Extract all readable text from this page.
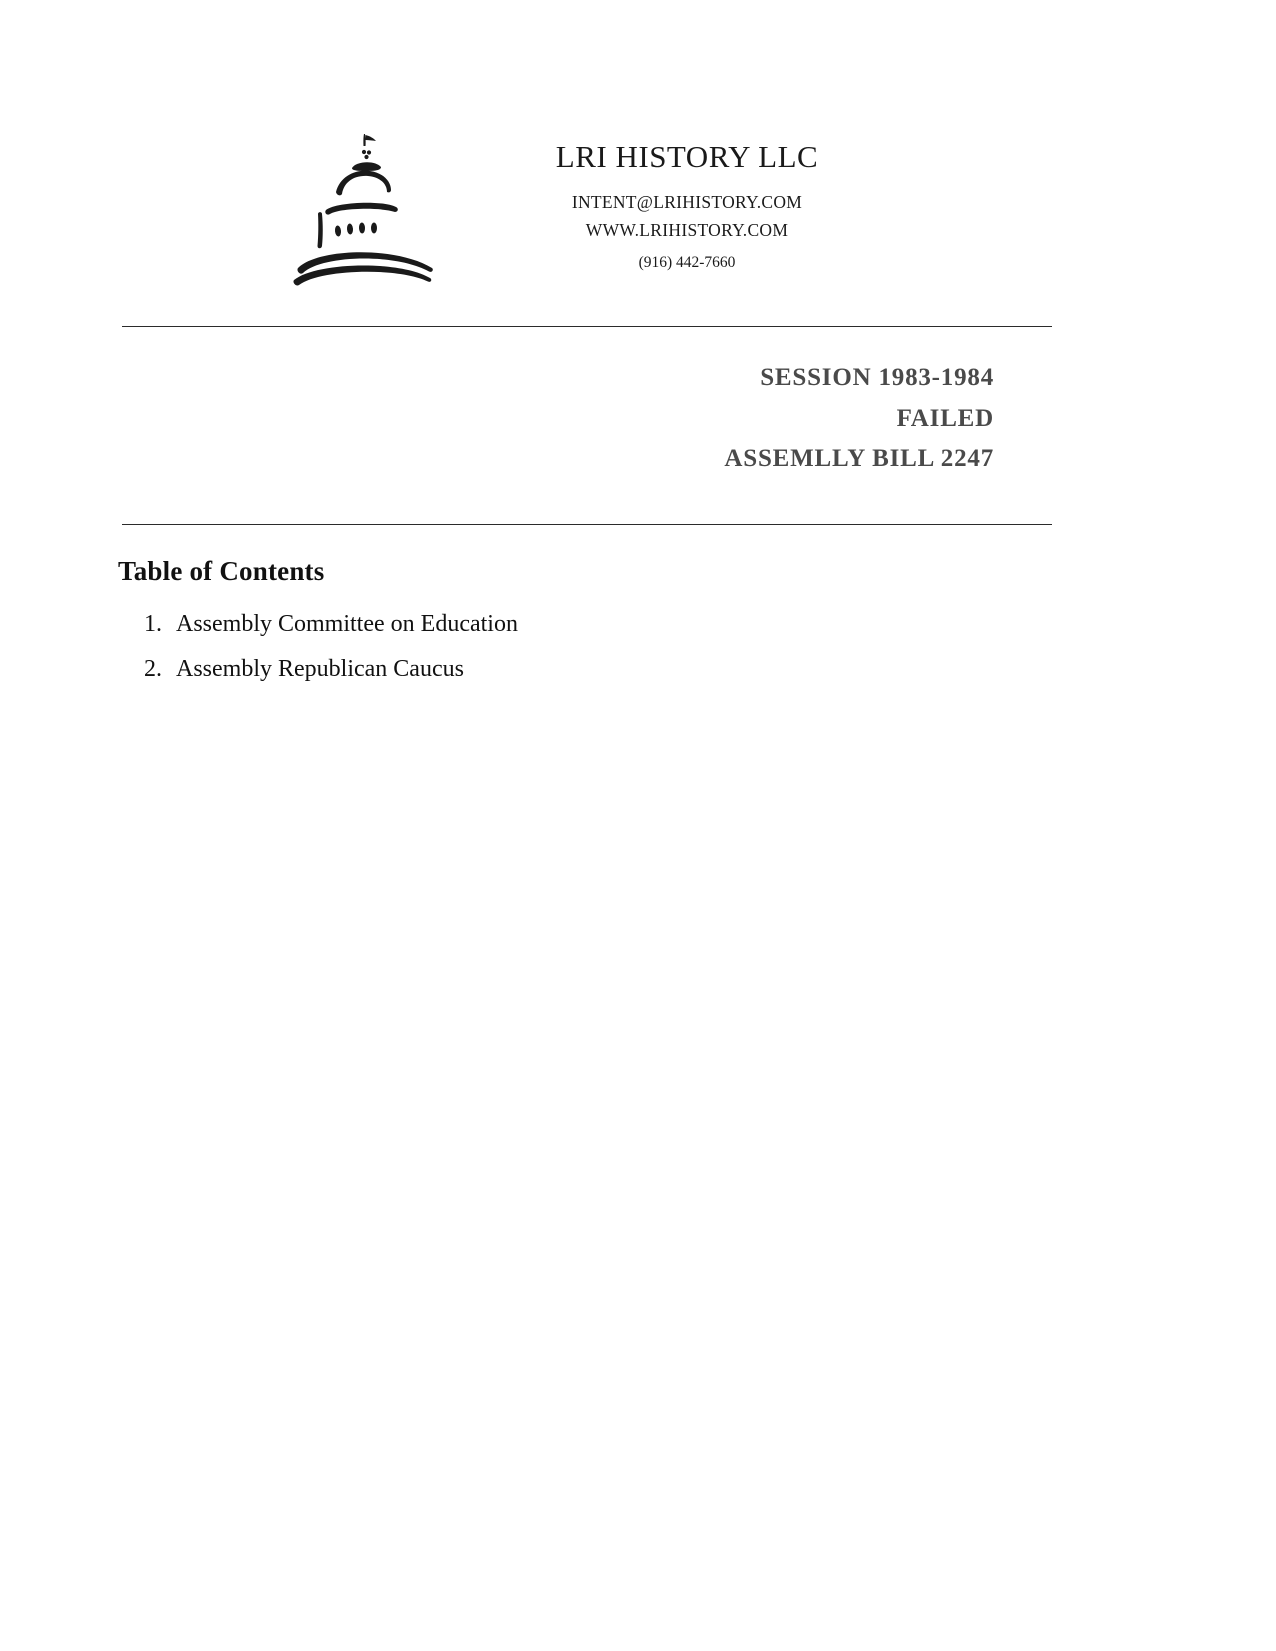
LRI HISTORY LLC
INTENT@LRIHISTORY.COM
WWW.LRIHISTORY.COM
(916) 442-7660
SESSION 1983-1984
FAILED
ASSEMLLY BILL 2247
Table of Contents
1. Assembly Committee on Education
2. Assembly Republican Caucus
